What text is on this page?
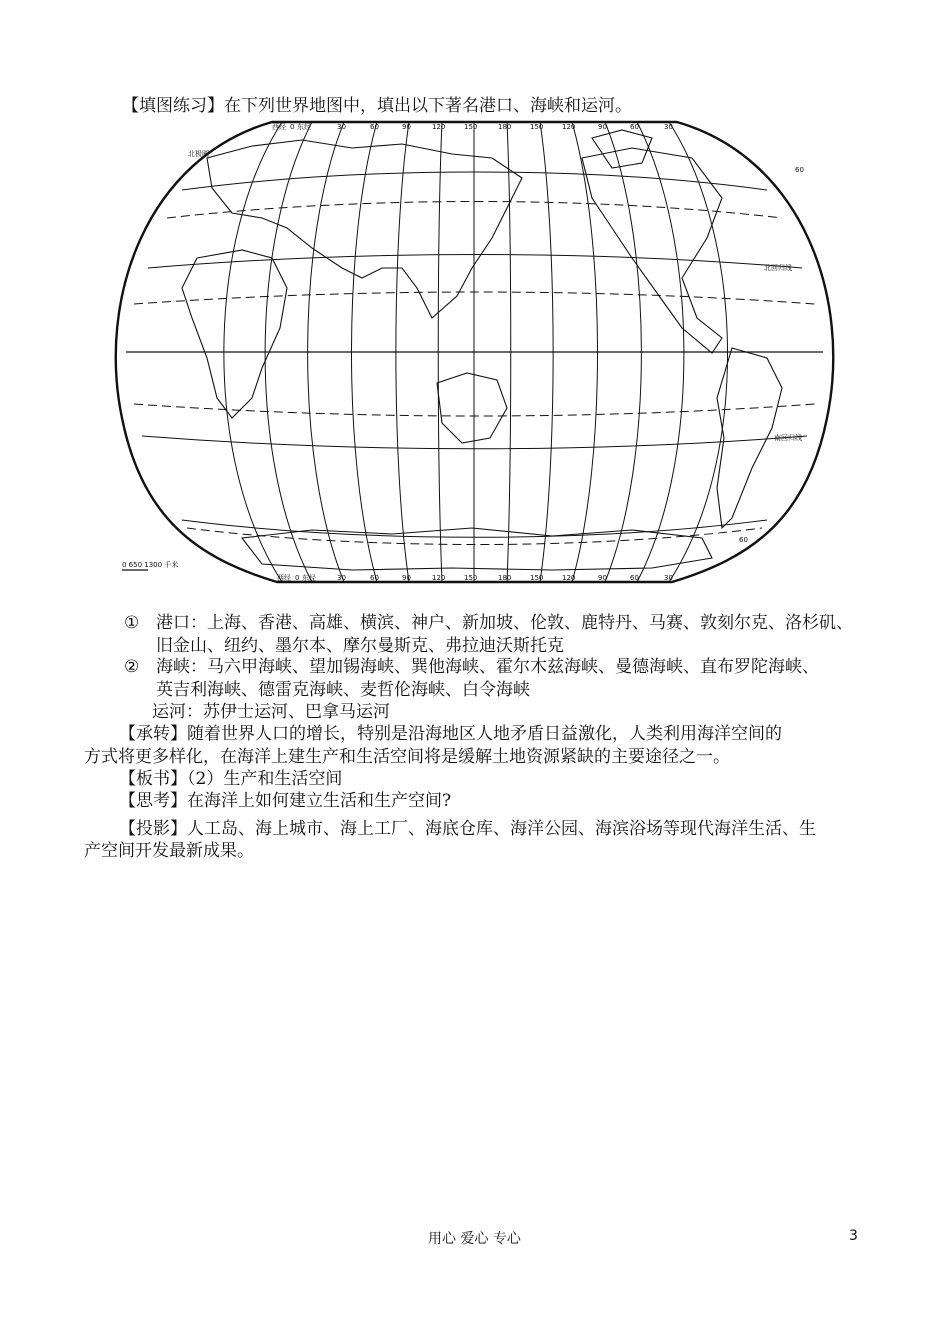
【填图练习】在下列世界地图中，填出以下著名港口、海峡和运河。
西经 0 东经	30	60	90	120	150	180	150	120	90	60	30
西经 0 东经	30	60	90	120	150	180	150	120	90	60	30
北极圈
北回归线
南回归线
60
60
0 650 1300 千米
① 港口：上海、香港、高雄、横滨、神户、新加坡、伦敦、鹿特丹、马赛、敦刻尔克、洛杉矶、
旧金山、纽约、墨尔本、摩尔曼斯克、弗拉迪沃斯托克
② 海峡：马六甲海峡、望加锡海峡、巽他海峡、霍尔木兹海峡、曼德海峡、直布罗陀海峡、
英吉利海峡、德雷克海峡、麦哲伦海峡、白令海峡
运河：苏伊士运河、巴拿马运河
【承转】随着世界人口的增长，特别是沿海地区人地矛盾日益激化，人类利用海洋空间的
方式将更多样化，在海洋上建生产和生活空间将是缓解土地资源紧缺的主要途径之一。
【板书】（2）生产和生活空间
【思考】在海洋上如何建立生活和生产空间?
【投影】人工岛、海上城市、海上工厂、海底仓库、海洋公园、海滨浴场等现代海洋生活、生
产空间开发最新成果。
用心 爱心 专心	3
